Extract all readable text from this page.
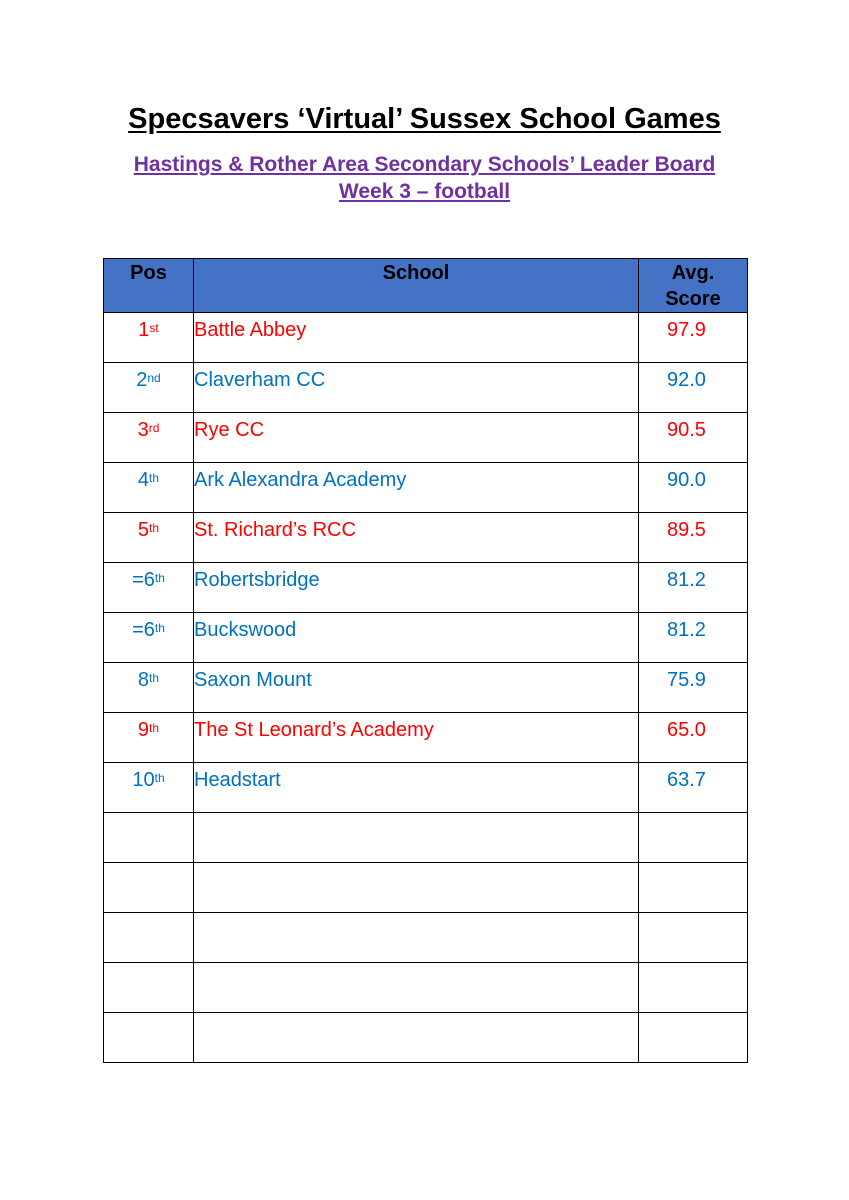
Specsavers ‘Virtual’ Sussex School Games
Hastings & Rother Area Secondary Schools’ Leader Board
Week 3 – football
Pos	School	Avg.
Score

1st	Battle Abbey	97.9

2nd	Claverham CC	92.0

3rd	Rye CC	90.5

4th	Ark Alexandra Academy	90.0

5th	St. Richard’s RCC	89.5

=6th	Robertsbridge	81.2

=6th	Buckswood	81.2

8th	Saxon Mount	75.9

9th	The St Leonard’s Academy	65.0

10th	Headstart	63.7
